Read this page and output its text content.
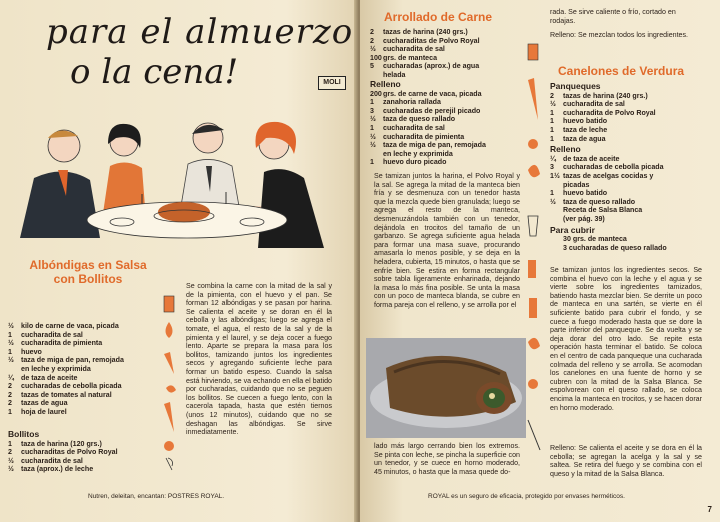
para el almuerzo
o la cena!	MOLI
Albóndigas en Salsa
con Bollitos
½ kilo de carne de vaca, picada
1	cucharadita de sal
½ cucharadita de pimienta
1	huevo
½ taza de miga de pan, remojada
en leche y exprimida
¼ de taza de aceite
2	cucharadas de cebolla picada
2	tazas de tomates al natural
2	tazas de agua
1	hoja de laurel
Bollitos
1	taza de harina (120 grs.)
2	cucharaditas de Polvo Royal
½ cucharadita de sal
½ taza (aprox.) de leche
Se combina la carne con la mitad de la sal y de la pimienta, con el huevo y el pan. Se forman 12 albóndigas y se pasan por harina. Se calienta el aceite y se doran en él la cebolla y las albóndigas; luego se agrega el tomate, el agua, el resto de la sal y de la pimienta y el laurel, y se deja cocer a fuego lento. Aparte se prepara la masa para los bollitos, tamizando juntos los ingredientes secos y agregando suficiente leche para formar un batido espeso. Cuando la salsa está hirviendo, se va echando en ella el batido por cucharadas, cuidando que no se peguen los bollitos. Se cuecen a fuego lento, con la cacerola tapada, hasta que estén tiernos (unos 12 minutos), cuidando que no se deshagan las albóndigas. Se sirve inmediatamente.
Nutren, deleitan, encantan: POSTRES ROYAL.
Arrollado de Carne
2	tazas de harina (240 grs.)
2	cucharaditas de Polvo Royal
½ cucharadita de sal
100 grs. de manteca
5	cucharadas (aprox.) de agua
helada
Relleno
200 grs. de carne de vaca, picada
1	zanahoria rallada
3	cucharadas de perejil picado
½ taza de queso rallado
1	cucharadita de sal
½ cucharadita de pimienta
½ taza de miga de pan, remojada
en leche y exprimida
1	huevo duro picado
Se tamizan juntos la harina, el Polvo Royal y la sal. Se agrega la mitad de la manteca bien fría y se desmenuza con un tenedor hasta que la mezcla quede bien granulada; luego se agrega el resto de la manteca, desmenuzándola también con un tenedor, dejándola en trocitos del tamaño de un garbanzo. Se agrega suficiente agua helada para formar una masa suave, procurando amasarla lo menos posible, y se deja en la heladera, cubierta, 15 minutos, o hasta que se enfríe bien. Se estira en forma rectangular sobre tabla ligeramente enharinada, dejando la masa lo más fina posible. Se unta la masa con un poco de manteca blanda, se cubre en forma pareja con el relleno, y se arrolla por el
lado más largo cerrando bien los extremos. Se pinta con leche, se pincha la superficie con un tenedor, y se cuece en horno moderado, 45 minutos, o hasta que la masa quede do-
rada. Se sirve caliente o frío, cortado en rodajas.
Relleno: Se mezclan todos los ingredientes.
Canelones de Verdura
Panqueques
2	tazas de harina (240 grs.)
½ cucharadita de sal
1	cucharadita de Polvo Royal
1	huevo batido
1	taza de leche
1	taza de agua
Relleno
¼ de taza de aceite
3	cucharadas de cebolla picada
1½ tazas de acelgas cocidas y
picadas
1	huevo batido
½ taza de queso rallado
Receta de Salsa Blanca
(ver pág. 39)
Para cubrir
30 grs. de manteca
3 cucharadas de queso rallado
Se tamizan juntos los ingredientes secos. Se combina el huevo con la leche y el agua y se vierte sobre los ingredientes tamizados, batiendo hasta mezclar bien. Se derrite un poco de manteca en una sartén, se vierte en él suficiente batido para cubrir el fondo, y se cuece a fuego moderado hasta que se dore la parte inferior del panqueque. Se da vuelta y se deja dorar del otro lado. Se repite esta operación hasta terminar el batido. Se coloca en el centro de cada panqueque una cucharada colmada del relleno y se arrolla. Se acomodan los canelones en una fuente de horno y se cubren con la mitad de la Salsa Blanca. Se espolvorean con el queso rallado, se coloca encima la manteca en trocitos, y se hacen dorar en horno moderado.
Relleno: Se calienta el aceite y se dora en él la cebolla; se agregan la acelga y la sal y se saltea. Se retira del fuego y se combina con el queso y la mitad de la Salsa Blanca.
ROYAL es un seguro de eficacia, protegido por envases herméticos.
7
